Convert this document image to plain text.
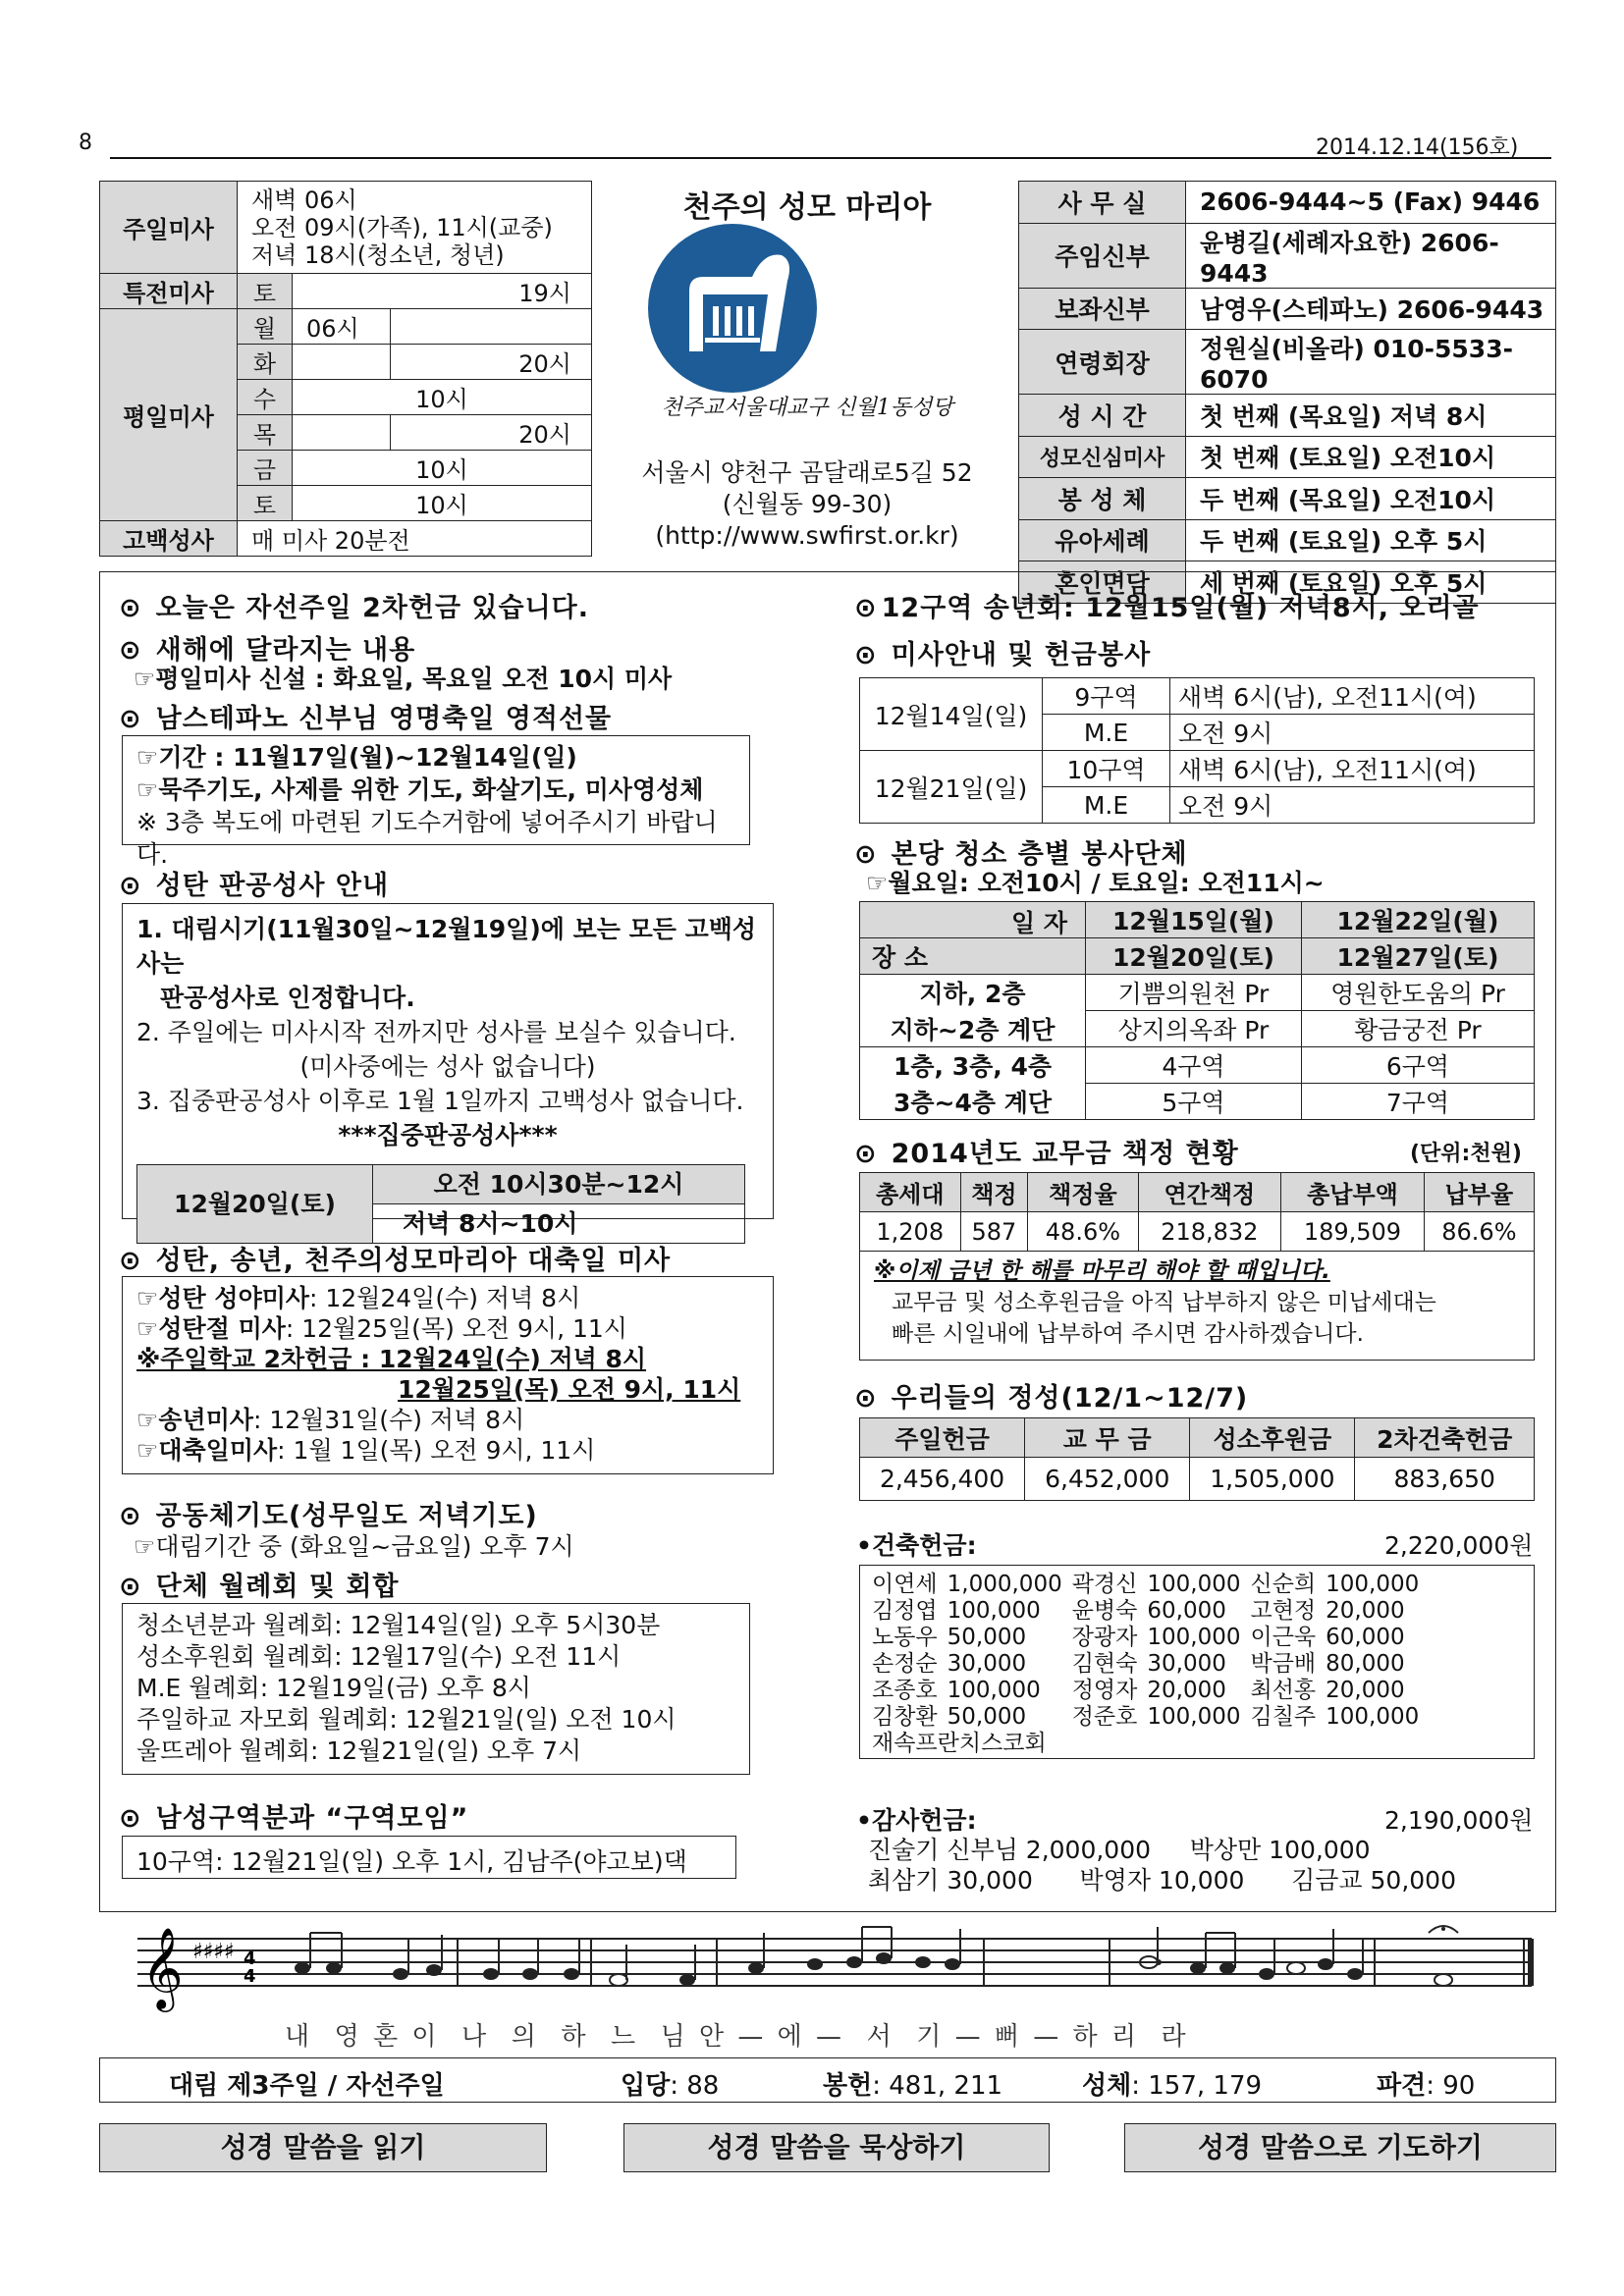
8	2014.12.14(156호)
주일미사	새벽 06시
오전 09시(가족), 11시(교중)
저녁 18시(청소년, 청년)		

특전미사	토	19시	
평일미사	월	06시	
	화		20시
	수	10시	
	목		20시
	금	10시	
	토	10시	
고백성사	매 미사 20분전		
천주의 성모 마리아
천주교서울대교구 신월1동성당
서울시 양천구 곰달래로5길 52
(신월동 99-30)
(http://www.swfirst.or.kr)
사 무 실	2606-9444~5 (Fax) 9446
주임신부	윤병길(세례자요한) 2606-9443
보좌신부	남영우(스테파노) 2606-9443
연령회장	정원실(비올라) 010-5533-6070
성 시 간	첫 번째 (목요일) 저녁 8시
성모신심미사	첫 번째 (토요일) 오전10시
봉 성 체	두 번째 (목요일) 오전10시
유아세례	두 번째 (토요일) 오후 5시
혼인면담	세 번째 (토요일) 오후 5시
⊙ 오늘은 자선주일 2차헌금 있습니다.
⊙ 새해에 달라지는 내용
☞평일미사 신설 : 화요일, 목요일 오전 10시 미사
⊙ 남스테파노 신부님 영명축일 영적선물
☞기간 : 11월17일(월)~12월14일(일)
☞묵주기도, 사제를 위한 기도, 화살기도, 미사영성체
※ 3층 복도에 마련된 기도수거함에 넣어주시기 바랍니다.
⊙ 성탄 판공성사 안내
1. 대림시기(11월30일~12월19일)에 보는 모든 고백성사는
판공성사로 인정합니다.
2. 주일에는 미사시작 전까지만 성사를 보실수 있습니다.
(미사중에는 성사 없습니다)
3. 집중판공성사 이후로 1월 1일까지 고백성사 없습니다.
***집중판공성사***
12월20일(토)	오전 10시30분~12시
저녁 8시~10시
⊙ 성탄, 송년, 천주의성모마리아 대축일 미사
☞성탄 성야미사: 12월24일(수) 저녁 8시
☞성탄절 미사: 12월25일(목) 오전 9시, 11시
※주일학교 2차헌금 : 12월24일(수) 저녁 8시
12월25일(목) 오전 9시, 11시
☞송년미사: 12월31일(수) 저녁 8시
☞대축일미사: 1월 1일(목) 오전 9시, 11시
⊙ 공동체기도(성무일도 저녁기도)
☞대림기간 중 (화요일~금요일) 오후 7시
⊙ 단체 월례회 및 회합
청소년분과 월례회: 12월14일(일) 오후 5시30분
성소후원회 월례회: 12월17일(수) 오전 11시
M.E 월례회: 12월19일(금) 오후 8시
주일하교 자모회 월례회: 12월21일(일) 오전 10시
울뜨레아 월례회: 12월21일(일) 오후 7시
⊙ 남성구역분과 “구역모임”
10구역: 12월21일(일) 오후 1시, 김남주(야고보)댁
⊙ 12구역 송년회: 12월15일(월) 저녁8시, 오리골
⊙ 미사안내 및 헌금봉사
12월14일(일)	9구역	새벽 6시(남), 오전11시(여)
	M.E	오전 9시
12월21일(일)	10구역	새벽 6시(남), 오전11시(여)
	M.E	오전 9시
⊙ 본당 청소 층별 봉사단체
☞월요일: 오전10시 / 토요일: 오전11시~
일 자	12월15일(월)	12월22일(월)
장 소	12월20일(토)	12월27일(토)
지하, 2층	기쁨의원천 Pr	영원한도움의 Pr
지하~2층 계단	상지의옥좌 Pr	황금궁전 Pr
1층, 3층, 4층	4구역	6구역
3층~4층 계단	5구역	7구역
⊙ 2014년도 교무금 책정 현황	(단위:천원)
총세대	책정	책정율	연간책정	총납부액	납부율
1,208	587	48.6%	218,832	189,509	86.6%
※이제 금년 한 해를 마무리 해야 할 때입니다.
교무금 및 성소후원금을 아직 납부하지 않은 미납세대는
빠른 시일내에 납부하여 주시면 감사하겠습니다.
⊙ 우리들의 정성(12/1~12/7)
주일헌금	교 무 금	성소후원금	2차건축헌금
2,456,400	6,452,000	1,505,000	883,650
•건축헌금:	2,220,000원
이연세	1,000,000	곽경신	100,000	신순희	100,000
김정엽	100,000	윤병숙	60,000	고현정	20,000
노동우	50,000	장광자	100,000	이근욱	60,000
손정순	30,000	김현숙	30,000	박금배	80,000
조종호	100,000	정영자	20,000	최선홍	20,000
김창환	50,000	정준호	100,000	김칠주	100,000
재속프란치스코회					
•감사헌금:	2,190,000원
진술기 신부님 2,000,000     박상만 100,000
최삼기 30,000      박영자 10,000      김금교 50,000
𝄞 ♯♯♯♯ 4
4
내  영 혼 이  나  의  하  느  님 안 — 에 —  서  기 — 뻐 — 하 리  라
대림 제3주일 / 자선주일	입당: 88	봉헌: 481, 211	성체: 157, 179	파견: 90
성경 말씀을 읽기	성경 말씀을 묵상하기	성경 말씀으로 기도하기
